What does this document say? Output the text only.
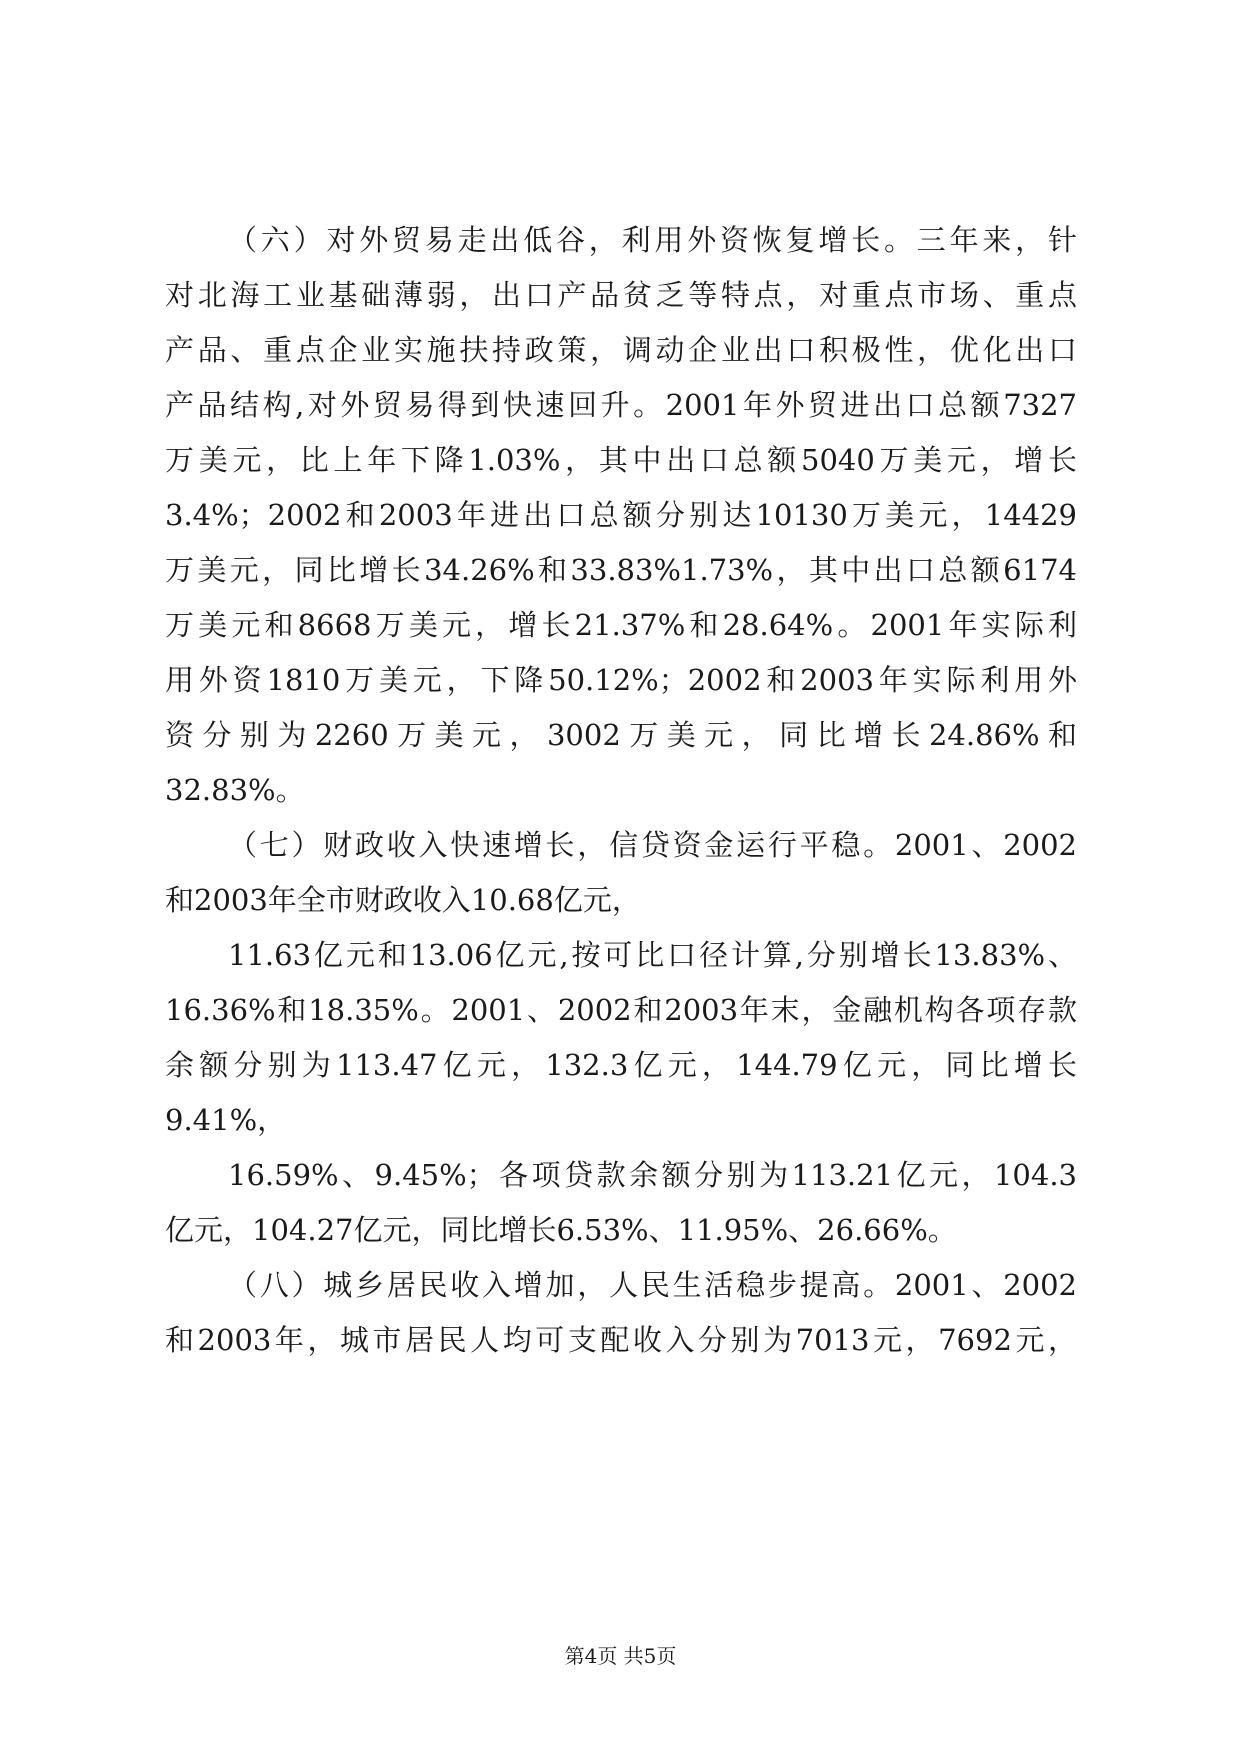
（六）对外贸易走出低谷，利用外资恢复增长。三年来，针
对北海工业基础薄弱，出口产品贫乏等特点，对重点市场、重点
产品、重点企业实施扶持政策，调动企业出口积极性，优化出口
产品结构,对外贸易得到快速回升。2001年外贸进出口总额7327
万美元，比上年下降1.03%，其中出口总额5040万美元，增长
3.4%；2002和2003年进出口总额分别达10130万美元，14429
万美元，同比增长34.26%和33.83%1.73%，其中出口总额6174
万美元和8668万美元，增长21.37%和28.64%。2001年实际利
用外资1810万美元，下降50.12%；2002和2003年实际利用外
资分别为2260万美元，3002万美元，同比增长24.86%和
32.83%。
（七）财政收入快速增长，信贷资金运行平稳。2001、2002
和2003年全市财政收入10.68亿元，
11.63亿元和13.06亿元,按可比口径计算,分别增长13.83%、
16.36%和18.35%。2001、2002和2003年末，金融机构各项存款
余额分别为113.47亿元，132.3亿元，144.79亿元，同比增长
9.41%，
16.59%、9.45%；各项贷款余额分别为113.21亿元，104.3
亿元，104.27亿元，同比增长6.53%、11.95%、26.66%。
（八）城乡居民收入增加，人民生活稳步提高。2001、2002
和2003年，城市居民人均可支配收入分别为7013元，7692元，
第4页 共5页
